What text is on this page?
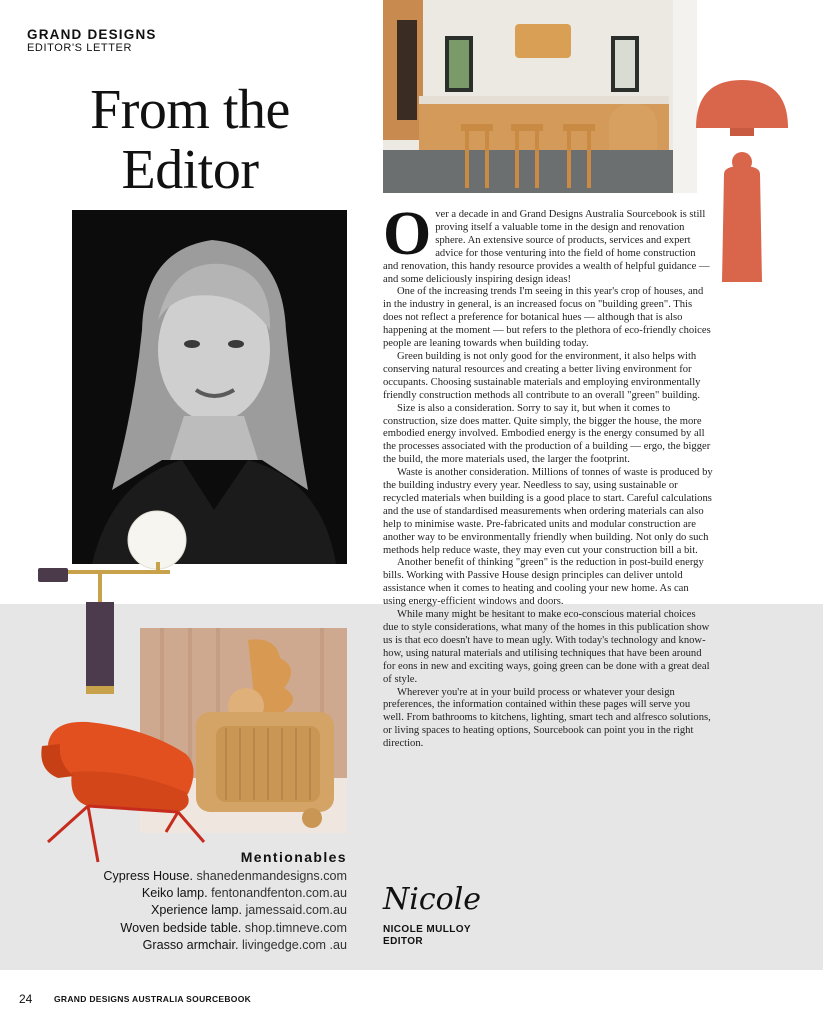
GRAND DESIGNS
EDITOR'S LETTER
From the
Editor

Over a decade in and Grand Designs Australia Sourcebook is still proving itself a valuable tome in the design and renovation sphere. An extensive source of products, services and expert advice for those venturing into the field of home construction and renovation, this handy resource provides a wealth of helpful guidance — and some deliciously inspiring design ideas!

One of the increasing trends I'm seeing in this year's crop of houses, and in the industry in general, is an increased focus on "building green". This does not reflect a preference for botanical hues — although that is also happening at the moment — but refers to the plethora of eco-friendly choices people are leaning towards when building today.

Green building is not only good for the environment, it also helps with conserving natural resources and creating a better living environment for occupants. Choosing sustainable materials and employing environmentally friendly construction methods all contribute to an overall "green" building.

Size is also a consideration. Sorry to say it, but when it comes to construction, size does matter. Quite simply, the bigger the house, the more embodied energy involved. Embodied energy is the energy consumed by all the processes associated with the production of a building — ergo, the bigger the build, the more materials used, the larger the footprint.

Waste is another consideration. Millions of tonnes of waste is produced by the building industry every year. Needless to say, using sustainable or recycled materials when building is a good place to start. Careful calculations and the use of standardised measurements when ordering materials can also help to minimise waste. Pre-fabricated units and modular construction are another way to be environmentally friendly when building. Not only do such methods help reduce waste, they may even cut your construction bill a bit.

Another benefit of thinking "green" is the reduction in post-build energy bills. Working with Passive House design principles can deliver untold assistance when it comes to heating and cooling your new home. As can using energy-efficient windows and doors.

While many might be hesitant to make eco-conscious material choices due to style considerations, what many of the homes in this publication show us is that eco doesn't have to mean ugly. With today's technology and know-how, using natural materials and utilising techniques that have been around for eons in new and exciting ways, going green can be done with a great deal of style.

Wherever you're at in your build process or whatever your design preferences, the information contained within these pages will serve you well. From bathrooms to kitchens, lighting, smart tech and alfresco solutions, or living spaces to heating options, Sourcebook can point you in the right direction.

Mentionables
Cypress House. shanedenmandesigns.com
Keiko lamp. fentonandfenton.com.au
Xperience lamp. jamessaid.com.au
Woven bedside table. shop.timneve.com
Grasso armchair. livingedge.com .au
Nicole
NICOLE MULLOY
EDITOR
24	GRAND DESIGNS AUSTRALIA SOURCEBOOK
